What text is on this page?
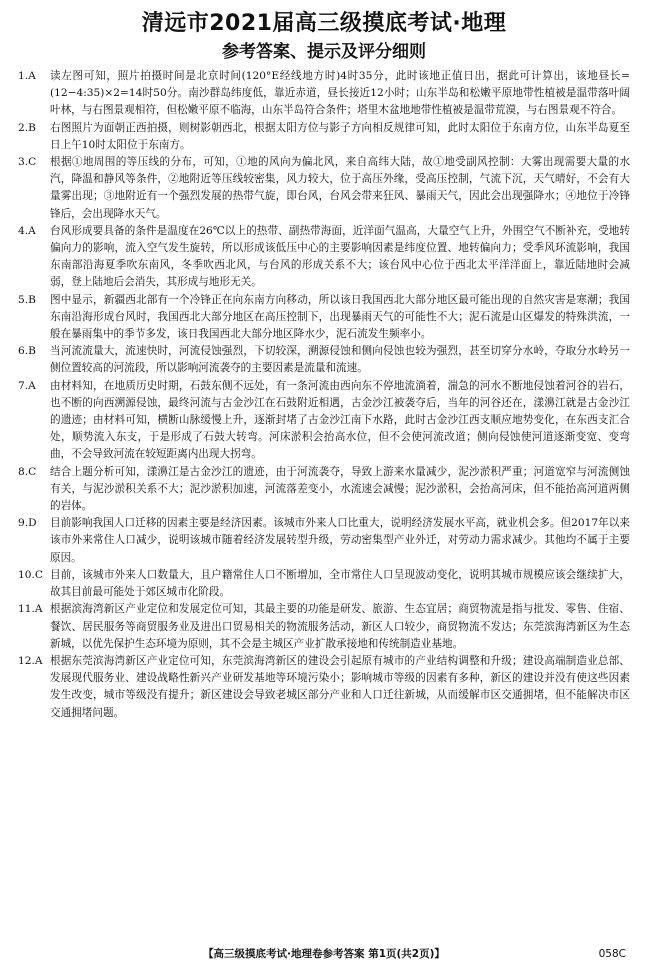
清远市2021届高三级摸底考试·地理
参考答案、提示及评分细则
1.A	读左图可知，照片拍摄时间是北京时间(120°E经线地方时)4时35分，此时该地正值日出，据此可计算出，该地昼长=(12−4:35)×2=14时50分。南沙群岛纬度低，靠近赤道，昼长接近12小时；山东半岛和松嫩平原地带性植被是温带落叶阔叶林，与右图景观相符，但松嫩平原不临海，山东半岛符合条件；塔里木盆地地带性植被是温带荒漠，与右图景观不符合。
2.B	右图照片为面朝正西拍摄，则树影朝西北，根据太阳方位与影子方向相反规律可知，此时太阳位于东南方位，山东半岛夏至日上午10时太阳位于东南方。
3.C	根据①地周围的等压线的分布，可知，①地的风向为偏北风，来自高纬大陆，故①地受副风控制：大雾出现需要大量的水汽，降温和静风等条件，②地附近等压线较密集，风力较大，位于高压外缘，受高压控制，气流下沉，天气晴好，不会有大量雾出现；③地附近有一个强烈发展的热带气旋，即台风，台风会带来狂风、暴雨天气，因此会出现强降水；④地位于冷锋锋后，会出现降水天气。
4.A	台风形成要具备的条件是温度在26℃以上的热带、副热带海面，近洋面气温高，大量空气上升，外围空气不断补充，受地转偏向力的影响，流入空气发生旋转，所以形成该低压中心的主要影响因素是纬度位置、地转偏向力；受季风环流影响，我国东南部沿海夏季吹东南风，冬季吹西北风，与台风的形成关系不大；该台风中心位于西北太平洋洋面上，靠近陆地时会减弱，登上陆地后会消失，其形成与地形无关。
5.B	图中显示，新疆西北部有一个冷锋正在向东南方向移动，所以该日我国西北大部分地区最可能出现的自然灾害是寒潮；我国东南沿海形成台风时，我国西北大部分地区在高压控制下，出现暴雨天气的可能性不大；泥石流是山区爆发的特殊洪流，一般在暴雨集中的季节多发，该日我国西北大部分地区降水少，泥石流发生频率小。
6.B	当河流流量大，流速快时，河流侵蚀强烈，下切较深，溯源侵蚀和侧向侵蚀也较为强烈，甚至切穿分水岭，夺取分水岭另一侧位置较高的河流段，所以影响河流袭夺的主要因素是流量和流速。
7.A	由材料知，在地质历史时期，石鼓东侧不远处，有一条河流由西向东不停地流淌着，湍急的河水不断地侵蚀着河谷的岩石，也不断的向西溯源侵蚀，最终河流与古金沙江在石鼓附近相遇，古金沙江被袭夺后，当年的河谷还在，漾濞江就是古金沙江的遗迹；由材料可知，横断山脉缓慢上升，逐渐封堵了古金沙江南下水路，此时古金沙江西支顺应地势变化，在东西支汇合处，顺势流入东支，于是形成了石鼓大转弯。河床淤积会抬高水位，但不会使河流改道；侧向侵蚀使河道逐渐变宽、变弯曲，不会导致河流在较短距离内出现大拐弯。
8.C	结合上题分析可知，漾濞江是古金沙江的遗迹，由于河流袭夺，导致上游来水量减少，泥沙淤积严重；河道宽窄与河流侧蚀有关，与泥沙淤积关系不大；泥沙淤积加速，河流落差变小，水流速会减慢；泥沙淤积，会抬高河床，但不能抬高河道两侧的岩体。
9.D	目前影响我国人口迁移的因素主要是经济因素。该城市外来人口比重大，说明经济发展水平高，就业机会多。但2017年以来该市外来常住人口减少，说明该城市随着经济发展转型升级，劳动密集型产业外迁，对劳动力需求减少。其他均不属于主要原因。
10.C 目前，该城市外来人口数量大，且户籍常住人口不断增加，全市常住人口呈现波动变化，说明其城市规模应该会继续扩大，故其目前最可能处于郊区城市化阶段。
11.A 根据滨海湾新区产业定位和发展定位可知，其最主要的功能是研发、旅游、生态宜居；商贸物流是指与批发、零售、住宿、餐饮、居民服务等商贸服务业及进出口贸易相关的物流服务活动，新区人口较少，商贸物流不发达；东莞滨海湾新区为生态新城，以优先保护生态环境为原则，其不会是主城区产业扩散承接地和传统制造业基地。
12.A 根据东莞滨海湾新区产业定位可知，东莞滨海湾新区的建设会引起原有城市的产业结构调整和升级；建设高端制造业总部、发展现代服务业、建设战略性新兴产业研发基地等环境污染小；影响城市等级的因素有多种，新区的建设并没有使这些因素发生改变，城市等级没有提升；新区建设会导致老城区部分产业和人口迁往新城，从而缓解市区交通拥堵，但不能解决市区交通拥堵问题。
【高三级摸底考试·地理卷参考答案 第1页(共2页)】	058C
